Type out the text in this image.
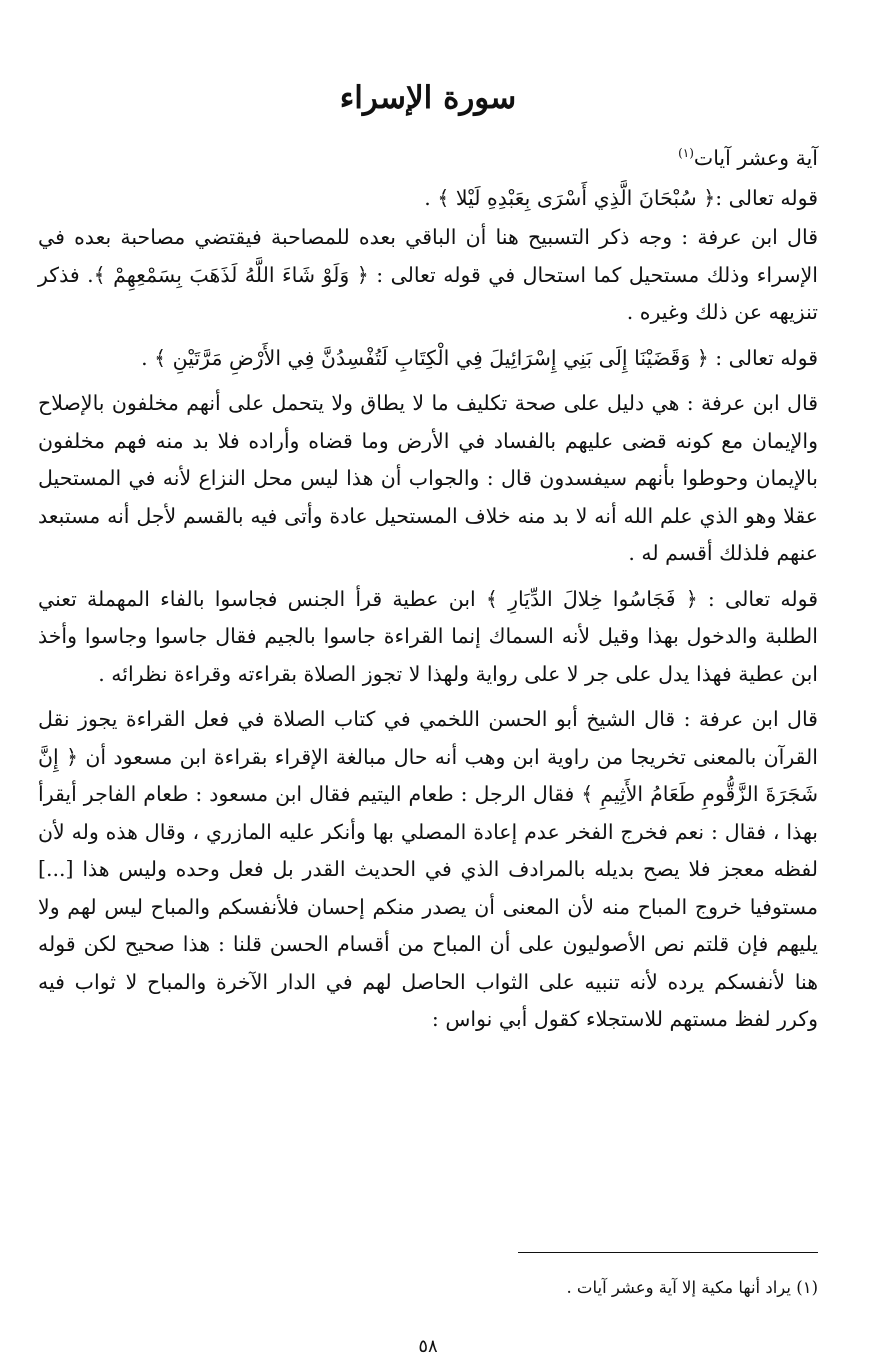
سورة الإسراء

آية وعشر آيات$^{(١)}$

قوله تعالى :﴿ سُبْحَانَ الَّذِي أَسْرَى بِعَبْدِهِ لَيْلا ﴾ .

قال ابن عرفة : وجه ذكر التسبيح هنا أن الباقي بعده للمصاحبة فيقتضي مصاحبة بعده في الإسراء وذلك مستحيل كما استحال في قوله تعالى : ﴿ وَلَوْ شَاءَ اللَّهُ لَذَهَبَ بِسَمْعِهِمْ ﴾. فذكر تنزيهه عن ذلك وغيره .

قوله تعالى : ﴿ وَقَضَيْنَا إِلَى بَنِي إِسْرَائِيلَ فِي الْكِتَابِ لَتُفْسِدُنَّ فِي الأَرْضِ مَرَّتَيْنِ ﴾ .

قال ابن عرفة : هي دليل على صحة تكليف ما لا يطاق ولا يتحمل على أنهم مخلفون بالإصلاح والإيمان مع كونه قضى عليهم بالفساد في الأرض وما قضاه وأراده فلا بد منه فهم مخلفون بالإيمان وحوطوا بأنهم سيفسدون قال : والجواب أن هذا ليس محل النزاع لأنه في المستحيل عقلا وهو الذي علم الله أنه لا بد منه خلاف المستحيل عادة وأتى فيه بالقسم لأجل أنه مستبعد عنهم فلذلك أقسم له .

قوله تعالى : ﴿ فَجَاسُوا خِلالَ الدِّيَارِ ﴾ ابن عطية قرأ الجنس فجاسوا بالفاء المهملة تعني الطلبة والدخول بهذا وقيل لأنه السماك إنما القراءة جاسوا بالجيم فقال جاسوا وجاسوا وأخذ ابن عطية فهذا يدل على جر لا على رواية ولهذا لا تجوز الصلاة بقراءته وقراءة نظرائه .

قال ابن عرفة : قال الشيخ أبو الحسن اللخمي في كتاب الصلاة في فعل القراءة يجوز نقل القرآن بالمعنى تخريجا من راوية ابن وهب أنه حال مبالغة الإقراء بقراءة ابن مسعود أن ﴿ إِنَّ شَجَرَةَ الزَّقُّومِ طَعَامُ الأَثِيمِ ﴾ فقال الرجل : طعام اليتيم فقال ابن مسعود : طعام الفاجر أيقرأ بهذا ، فقال : نعم فخرج الفخر عدم إعادة المصلي بها وأنكر عليه المازري ، وقال هذه وله لأن لفظه معجز فلا يصح بديله بالمرادف الذي في الحديث القدر بل فعل وحده وليس هذا [...] مستوفيا خروج المباح منه لأن المعنى أن يصدر منكم إحسان فلأنفسكم والمباح ليس لهم ولا يليهم فإن قلتم نص الأصوليون على أن المباح من أقسام الحسن قلنا : هذا صحيح لكن قوله هنا لأنفسكم يرده لأنه تنبيه على الثواب الحاصل لهم في الدار الآخرة والمباح لا ثواب فيه وكرر لفظ مستهم للاستجلاء كقول أبي نواس :

(١) يراد أنها مكية إلا آية وعشر آيات .

٥٨
